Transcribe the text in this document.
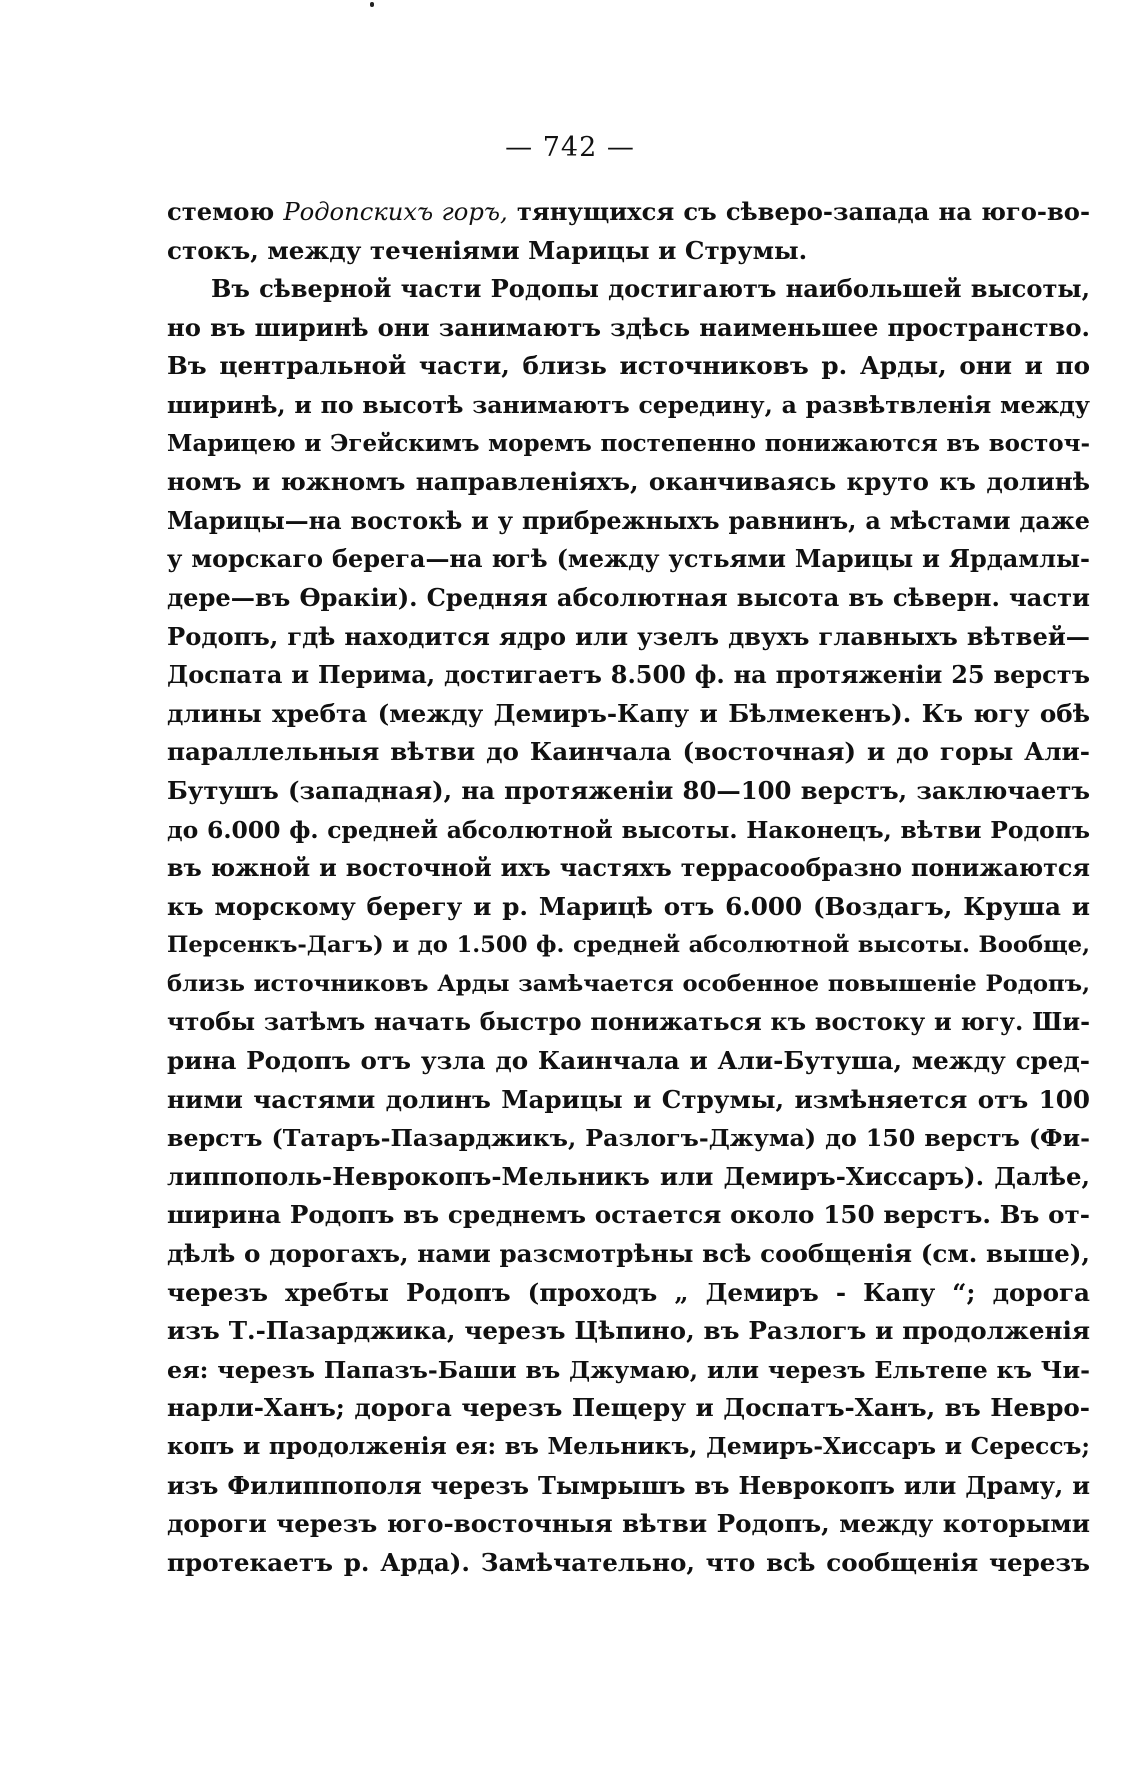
— 742 —
стемою Родопскихъ горъ, тянущихся съ сѣверо-запада на юго-во-
стокъ, между теченіями Марицы и Струмы.
Въ сѣверной части Родопы достигаютъ наибольшей высоты,
но въ ширинѣ они занимаютъ здѣсь наименьшее пространство.
Въ центральной части, близь источниковъ р. Арды, они и по
ширинѣ, и по высотѣ занимаютъ середину, а развѣтвленія между
Марицею и Эгейскимъ моремъ постепенно понижаются въ восточ-
номъ и южномъ направленіяхъ, оканчиваясь круто къ долинѣ
Марицы—на востокѣ и у прибрежныхъ равнинъ, а мѣстами даже
у морскаго берега—на югѣ (между устьями Марицы и Ярдамлы-
дере—въ Ѳракіи). Средняя абсолютная высота въ сѣверн. части
Родопъ, гдѣ находится ядро или узелъ двухъ главныхъ вѣтвей—
Доспата и Перима, достигаетъ 8.500 ф. на протяженіи 25 верстъ
длины хребта (между Демиръ-Капу и Бѣлмекенъ). Къ югу обѣ
параллельныя вѣтви до Каинчала (восточная) и до горы Али-
Бутушъ (западная), на протяженіи 80—100 верстъ, заключаетъ
до 6.000 ф. средней абсолютной высоты. Наконецъ, вѣтви Родопъ
въ южной и восточной ихъ частяхъ террасообразно понижаются
къ морскому берегу и р. Марицѣ отъ 6.000 (Воздагъ, Круша и
Персенкъ-Дагъ) и до 1.500 ф. средней абсолютной высоты. Вообще,
близь источниковъ Арды замѣчается особенное повышеніе Родопъ,
чтобы затѣмъ начать быстро понижаться къ востоку и югу. Ши-
рина Родопъ отъ узла до Каинчала и Али-Бутуша, между сред-
ними частями долинъ Марицы и Струмы, измѣняется отъ 100
верстъ (Татаръ-Пазарджикъ, Разлогъ-Джума) до 150 верстъ (Фи-
липпополь-Неврокопъ-Мельникъ или Демиръ-Хиссаръ). Далѣе,
ширина Родопъ въ среднемъ остается около 150 верстъ. Въ от-
дѣлѣ о дорогахъ, нами разсмотрѣны всѣ сообщенія (см. выше),
черезъ хребты Родопъ (проходъ „ Демиръ - Капу “; дорога
изъ Т.-Пазарджика, черезъ Цѣпино, въ Разлогъ и продолженія
ея: черезъ Папазъ-Баши въ Джумаю, или черезъ Ельтепе къ Чи-
нарли-Ханъ; дорога черезъ Пещеру и Доспатъ-Ханъ, въ Невро-
копъ и продолженія ея: въ Мельникъ, Демиръ-Хиссаръ и Серессъ;
изъ Филиппополя черезъ Тымрышъ въ Неврокопъ или Драму, и
дороги черезъ юго-восточныя вѣтви Родопъ, между которыми
протекаетъ р. Арда). Замѣчательно, что всѣ сообщенія черезъ
